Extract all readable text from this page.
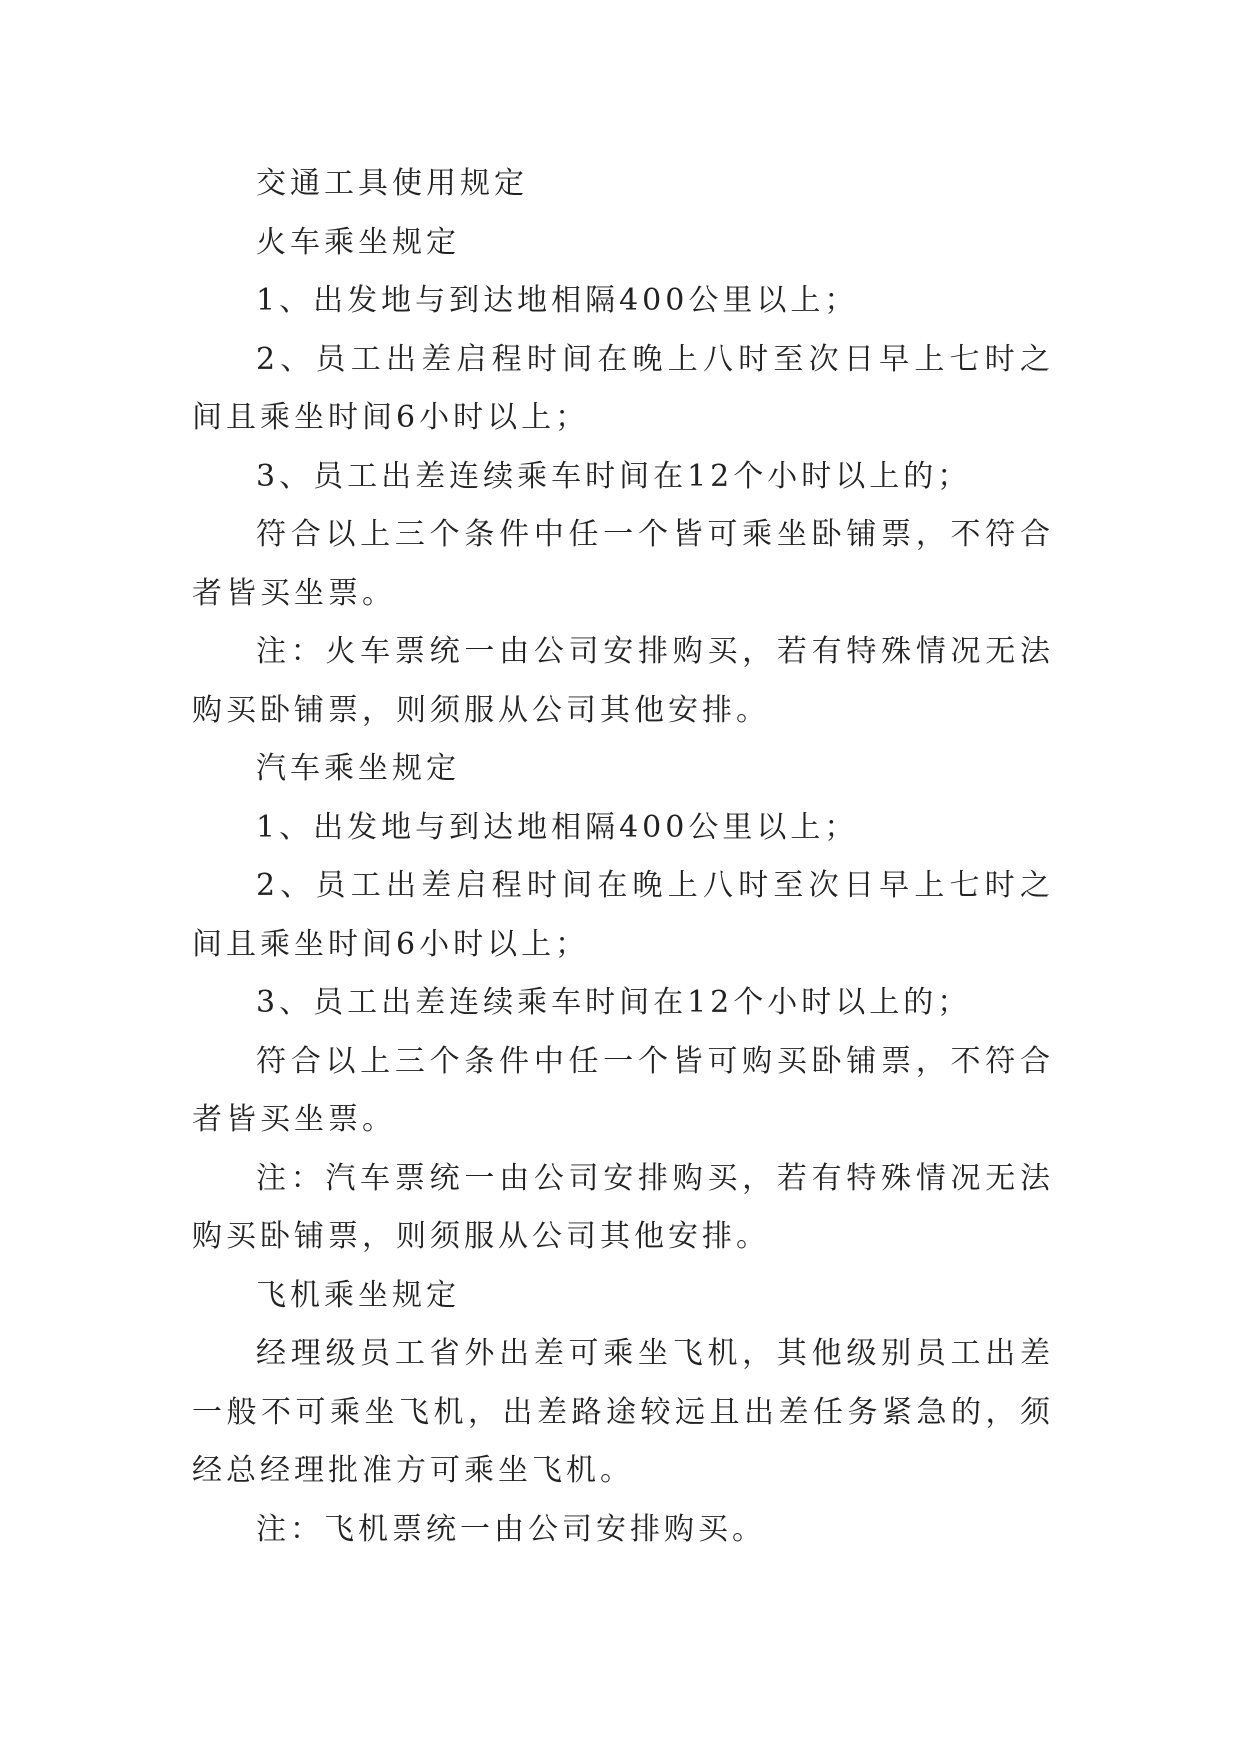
交通工具使用规定

火车乘坐规定

1、出发地与到达地相隔400公里以上；

2、员工出差启程时间在晚上八时至次日早上七时之间且乘坐时间6小时以上；

3、员工出差连续乘车时间在12个小时以上的；

符合以上三个条件中任一个皆可乘坐卧铺票，不符合者皆买坐票。

注：火车票统一由公司安排购买，若有特殊情况无法购买卧铺票，则须服从公司其他安排。

汽车乘坐规定

1、出发地与到达地相隔400公里以上；

2、员工出差启程时间在晚上八时至次日早上七时之间且乘坐时间6小时以上；

3、员工出差连续乘车时间在12个小时以上的；

符合以上三个条件中任一个皆可购买卧铺票，不符合者皆买坐票。

注：汽车票统一由公司安排购买，若有特殊情况无法购买卧铺票，则须服从公司其他安排。

飞机乘坐规定

经理级员工省外出差可乘坐飞机，其他级别员工出差一般不可乘坐飞机，出差路途较远且出差任务紧急的，须经总经理批准方可乘坐飞机。

注：飞机票统一由公司安排购买。
